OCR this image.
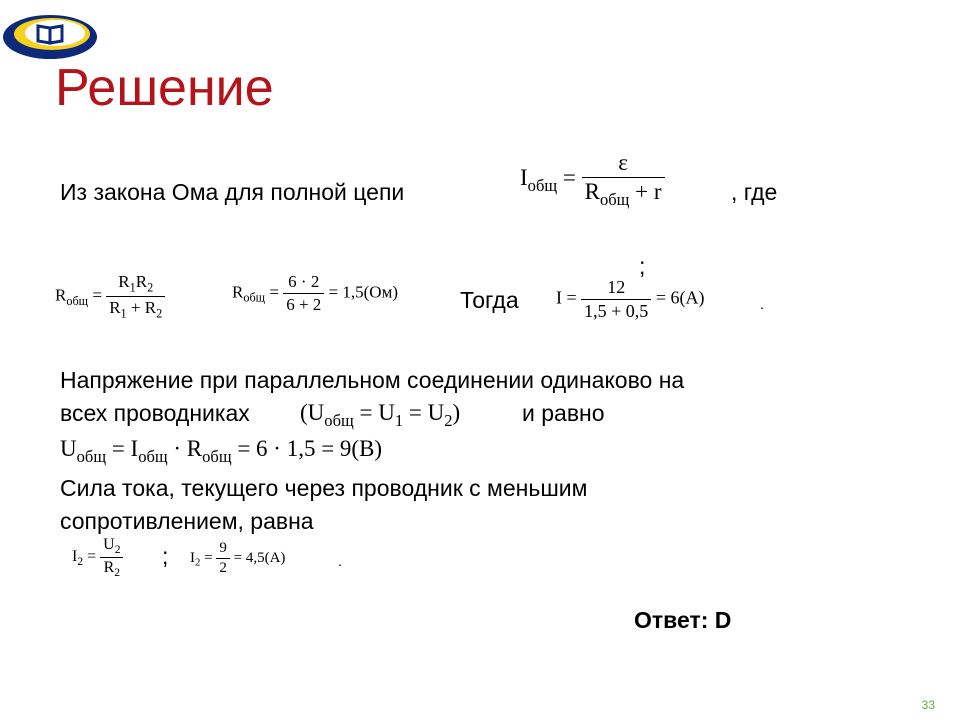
Решение
Из закона Ома для полной цепи
$I_{общ} = \frac{\varepsilon}{R_{общ} + r}$	, где
;
$R_{общ} = \frac{R_1R_2}{R_1 + R_2}$	$R_{общ} = \frac{6 \cdot 2}{6 + 2} = 1,5(Ом)$	Тогда $I = \frac{12}{1,5 + 0,5} = 6(А)$	.
Напряжение при параллельном соединении одинаково на
всех проводниках $(U_{общ} = U_1 = U_2)$	и равно
$U_{общ} = I_{общ} \cdot R_{общ} = 6 \cdot 1,5 = 9(В)$
Сила тока, текущего через проводник с меньшим
сопротивлением, равна
$I_2 = \frac{U_2}{R_2}$ ; $I_2 = \frac{9}{2} = 4,5(А)$	.
Ответ: D
33
